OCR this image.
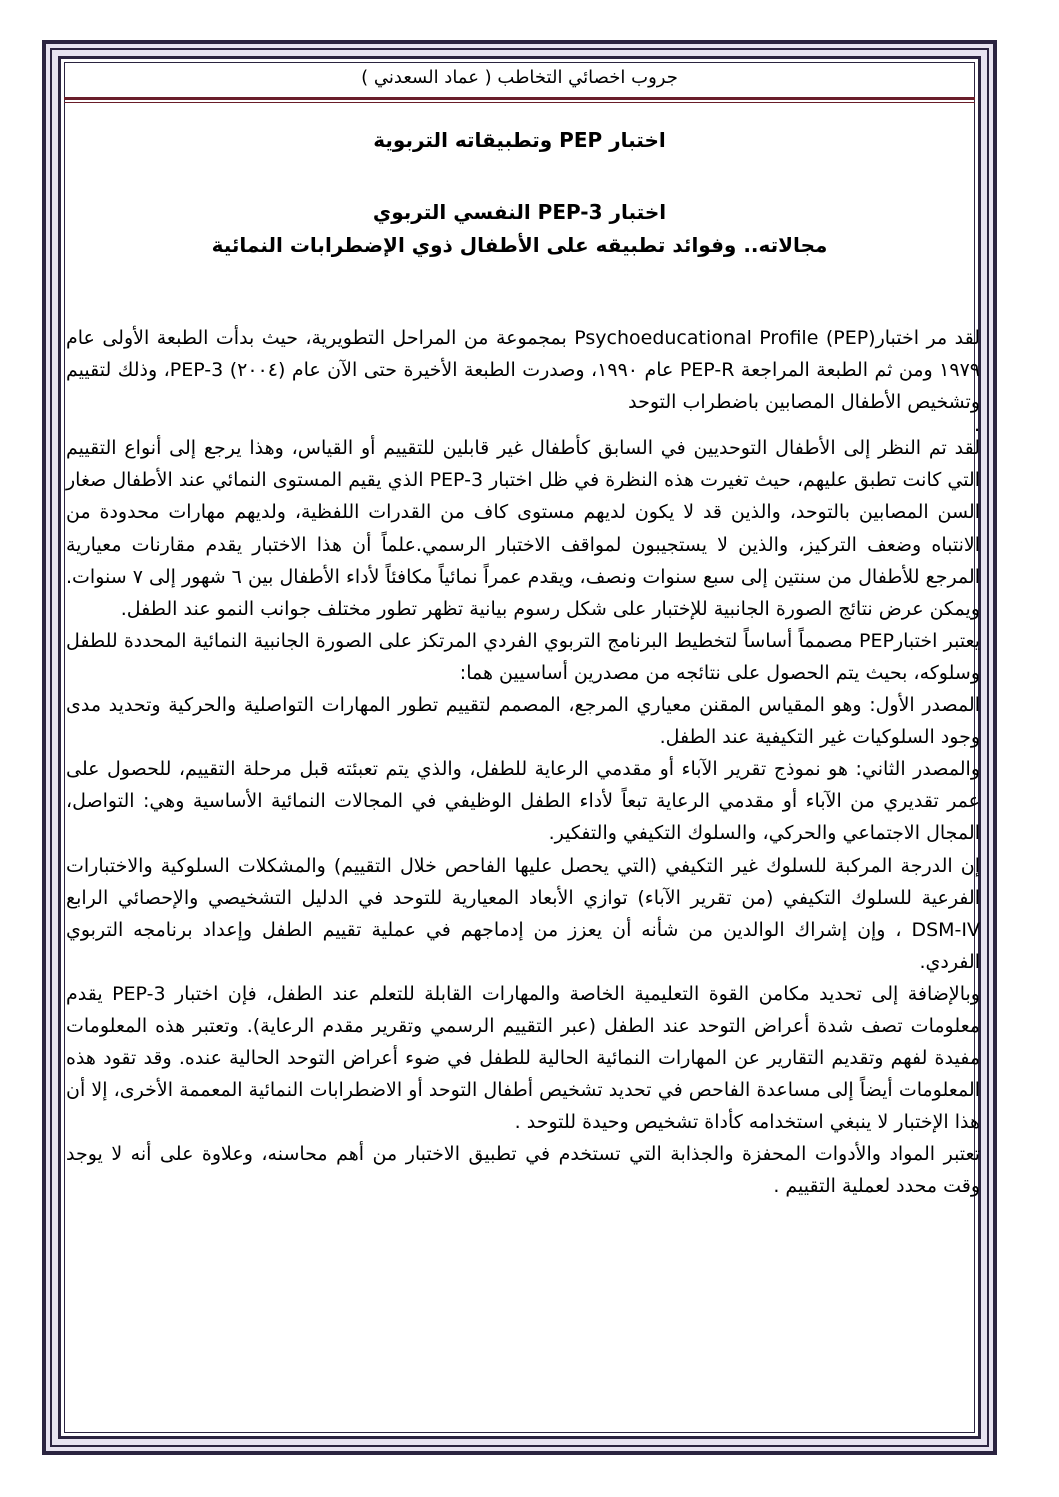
جروب اخصائي التخاطب ( عماد السعدني )
اختبار PEP وتطبيقاته التربوية
اختبار PEP-3 النفسي التربوي
مجالاته.. وفوائد تطبيقه على الأطفال ذوي الإضطرابات النمائية

لقد مر اختبار(Psychoeducational Profile (PEP بمجموعة من المراحل التطويرية، حيث بدأت الطبعة الأولى عام ١٩٧٩ ومن ثم الطبعة المراجعة PEP-R عام ١٩٩٠، وصدرت الطبعة الأخيرة حتى الآن عام (٢٠٠٤) PEP-3، وذلك لتقييم وتشخيص الأطفال المصابين باضطراب التوحد

.

لقد تم النظر إلى الأطفال التوحديين في السابق كأطفال غير قابلين للتقييم أو القياس، وهذا يرجع إلى أنواع التقييم التي كانت تطبق عليهم، حيث تغيرت هذه النظرة في ظل اختبار PEP-3 الذي يقيم المستوى النمائي عند الأطفال صغار السن المصابين بالتوحد، والذين قد لا يكون لديهم مستوى كاف من القدرات اللفظية، ولديهم مهارات محدودة من الانتباه وضعف التركيز، والذين لا يستجيبون لمواقف الاختبار الرسمي.علماً أن هذا الاختبار يقدم مقارنات معيارية المرجع للأطفال من سنتين إلى سبع سنوات ونصف، ويقدم عمراً نمائياً مكافئاً لأداء الأطفال بين ٦ شهور إلى ٧ سنوات. ويمكن عرض نتائج الصورة الجانبية للإختبار على شكل رسوم بيانية تظهر تطور مختلف جوانب النمو عند الطفل.

يعتبر اختبارPEP مصمماً أساساً لتخطيط البرنامج التربوي الفردي المرتكز على الصورة الجانبية النمائية المحددة للطفل وسلوكه، بحيث يتم الحصول على نتائجه من مصدرين أساسيين هما:

المصدر الأول: وهو المقياس المقنن معياري المرجع، المصمم لتقييم تطور المهارات التواصلية والحركية وتحديد مدى وجود السلوكيات غير التكيفية عند الطفل.

والمصدر الثاني: هو نموذج تقرير الآباء أو مقدمي الرعاية للطفل، والذي يتم تعبئته قبل مرحلة التقييم، للحصول على عمر تقديري من الآباء أو مقدمي الرعاية تبعاً لأداء الطفل الوظيفي في المجالات النمائية الأساسية وهي: التواصل، المجال الاجتماعي والحركي، والسلوك التكيفي والتفكير.

إن الدرجة المركبة للسلوك غير التكيفي (التي يحصل عليها الفاحص خلال التقييم) والمشكلات السلوكية والاختبارات الفرعية للسلوك التكيفي (من تقرير الآباء) توازي الأبعاد المعيارية للتوحد في الدليل التشخيصي والإحصائي الرابع DSM-IV ، وإن إشراك الوالدين من شأنه أن يعزز من إدماجهم في عملية تقييم الطفل وإعداد برنامجه التربوي الفردي.

وبالإضافة إلى تحديد مكامن القوة التعليمية الخاصة والمهارات القابلة للتعلم عند الطفل، فإن اختبار PEP-3 يقدم معلومات تصف شدة أعراض التوحد عند الطفل (عبر التقييم الرسمي وتقرير مقدم الرعاية). وتعتبر هذه المعلومات مفيدة لفهم وتقديم التقارير عن المهارات النمائية الحالية للطفل في ضوء أعراض التوحد الحالية عنده. وقد تقود هذه المعلومات أيضاً إلى مساعدة الفاحص في تحديد تشخيص أطفال التوحد أو الاضطرابات النمائية المعممة الأخرى، إلا أن هذا الإختبار لا ينبغي استخدامه كأداة تشخيص وحيدة للتوحد .

تعتبر المواد والأدوات المحفزة والجذابة التي تستخدم في تطبيق الاختبار من أهم محاسنه، وعلاوة على أنه لا يوجد وقت محدد لعملية التقييم .
